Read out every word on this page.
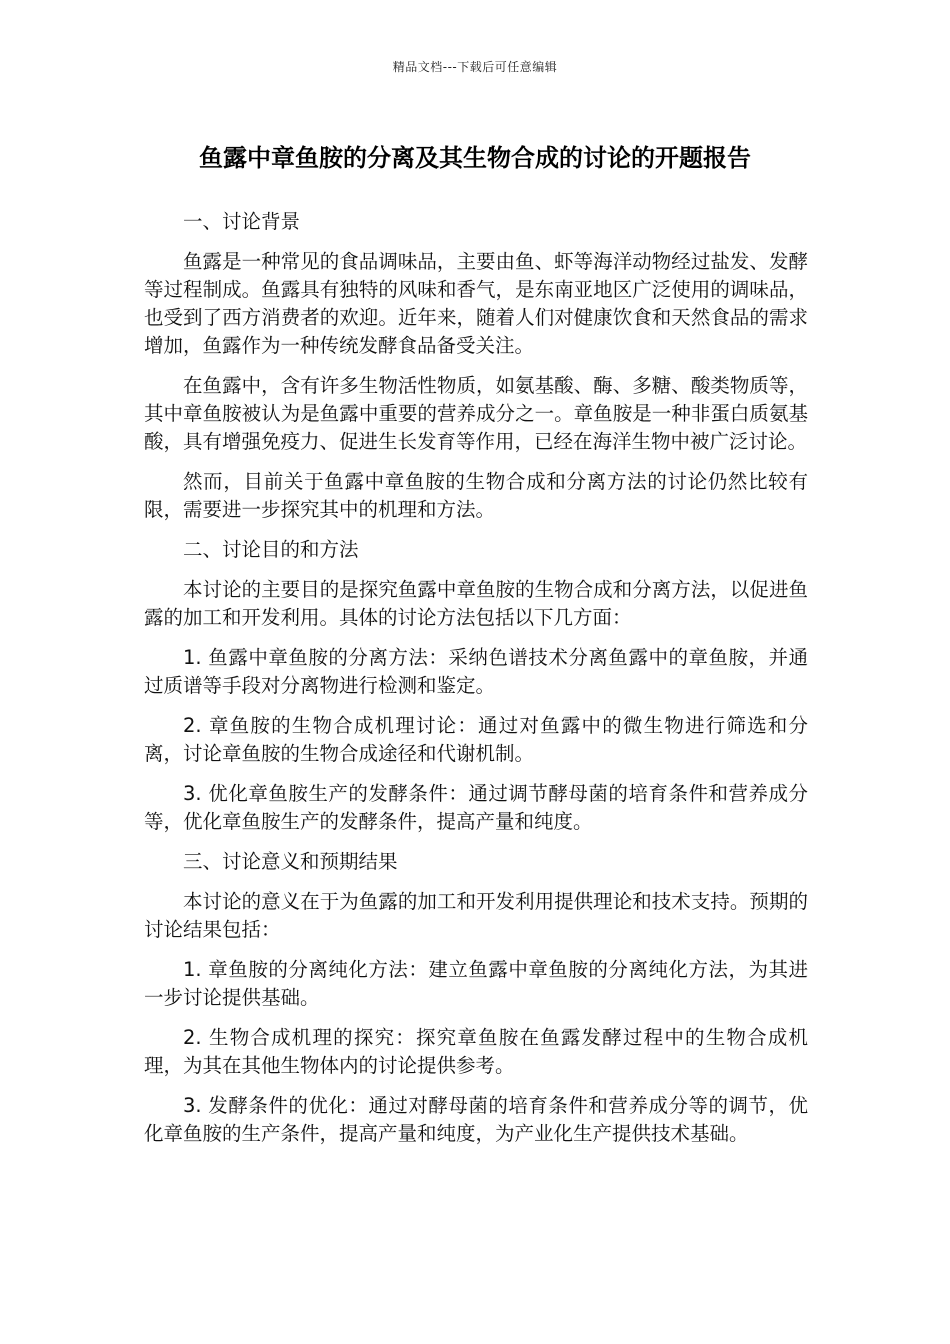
精品文档---下载后可任意编辑
鱼露中章鱼胺的分离及其生物合成的讨论的开题报告

一、讨论背景

鱼露是一种常见的食品调味品，主要由鱼、虾等海洋动物经过盐发、发酵等过程制成。鱼露具有独特的风味和香气，是东南亚地区广泛使用的调味品，也受到了西方消费者的欢迎。近年来，随着人们对健康饮食和天然食品的需求增加，鱼露作为一种传统发酵食品备受关注。

在鱼露中，含有许多生物活性物质，如氨基酸、酶、多糖、酸类物质等，其中章鱼胺被认为是鱼露中重要的营养成分之一。章鱼胺是一种非蛋白质氨基酸，具有增强免疫力、促进生长发育等作用，已经在海洋生物中被广泛讨论。

然而，目前关于鱼露中章鱼胺的生物合成和分离方法的讨论仍然比较有限，需要进一步探究其中的机理和方法。

二、讨论目的和方法

本讨论的主要目的是探究鱼露中章鱼胺的生物合成和分离方法，以促进鱼露的加工和开发利用。具体的讨论方法包括以下几方面：

1. 鱼露中章鱼胺的分离方法：采纳色谱技术分离鱼露中的章鱼胺，并通过质谱等手段对分离物进行检测和鉴定。

2. 章鱼胺的生物合成机理讨论：通过对鱼露中的微生物进行筛选和分离，讨论章鱼胺的生物合成途径和代谢机制。

3. 优化章鱼胺生产的发酵条件：通过调节酵母菌的培育条件和营养成分等，优化章鱼胺生产的发酵条件，提高产量和纯度。

三、讨论意义和预期结果

本讨论的意义在于为鱼露的加工和开发利用提供理论和技术支持。预期的讨论结果包括：

1. 章鱼胺的分离纯化方法：建立鱼露中章鱼胺的分离纯化方法，为其进一步讨论提供基础。

2. 生物合成机理的探究：探究章鱼胺在鱼露发酵过程中的生物合成机理，为其在其他生物体内的讨论提供参考。

3. 发酵条件的优化：通过对酵母菌的培育条件和营养成分等的调节，优化章鱼胺的生产条件，提高产量和纯度，为产业化生产提供技术基础。
